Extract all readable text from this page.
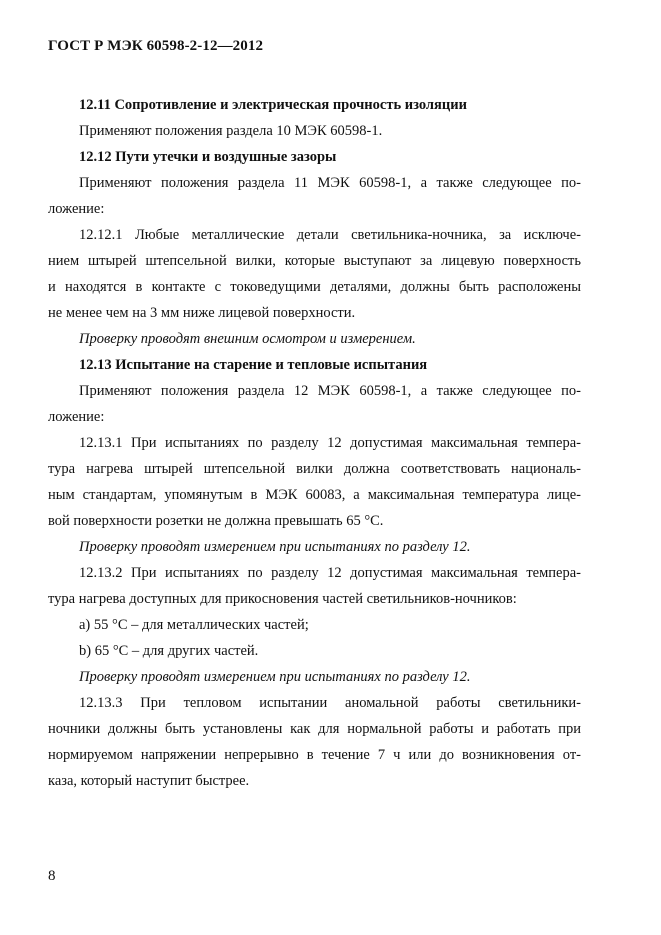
ГОСТ Р МЭК 60598-2-12—2012

12.11 Сопротивление и электрическая прочность изоляции

Применяют положения раздела 10 МЭК 60598-1.

12.12 Пути утечки и воздушные зазоры

Применяют положения раздела 11 МЭК 60598-1, а также следующее по-

ложение:

12.12.1 Любые металлические детали светильника-ночника, за исключе-

нием штырей штепсельной вилки, которые выступают за лицевую поверхность

и находятся в контакте с токоведущими деталями, должны быть расположены

не менее чем на 3 мм ниже лицевой поверхности.

Проверку проводят внешним осмотром и измерением.

12.13 Испытание на старение и тепловые испытания

Применяют положения раздела 12 МЭК 60598-1, а также следующее по-

ложение:

12.13.1 При испытаниях по разделу 12 допустимая максимальная темпера-

тура нагрева штырей штепсельной вилки должна соответствовать националь-

ным стандартам, упомянутым в МЭК 60083, а максимальная температура лице-

вой поверхности розетки не должна превышать 65 °С.

Проверку проводят измерением при испытаниях по разделу 12.

12.13.2 При испытаниях по разделу 12 допустимая максимальная темпера-

тура нагрева доступных для прикосновения частей светильников-ночников:

а) 55 °С – для металлических частей;

b) 65 °С – для других частей.

Проверку проводят измерением при испытаниях по разделу 12.

12.13.3 При тепловом испытании аномальной работы светильники-

ночники должны быть установлены как для нормальной работы и работать при

нормируемом напряжении непрерывно в течение 7 ч или до возникновения от-

каза, который наступит быстрее.

8
